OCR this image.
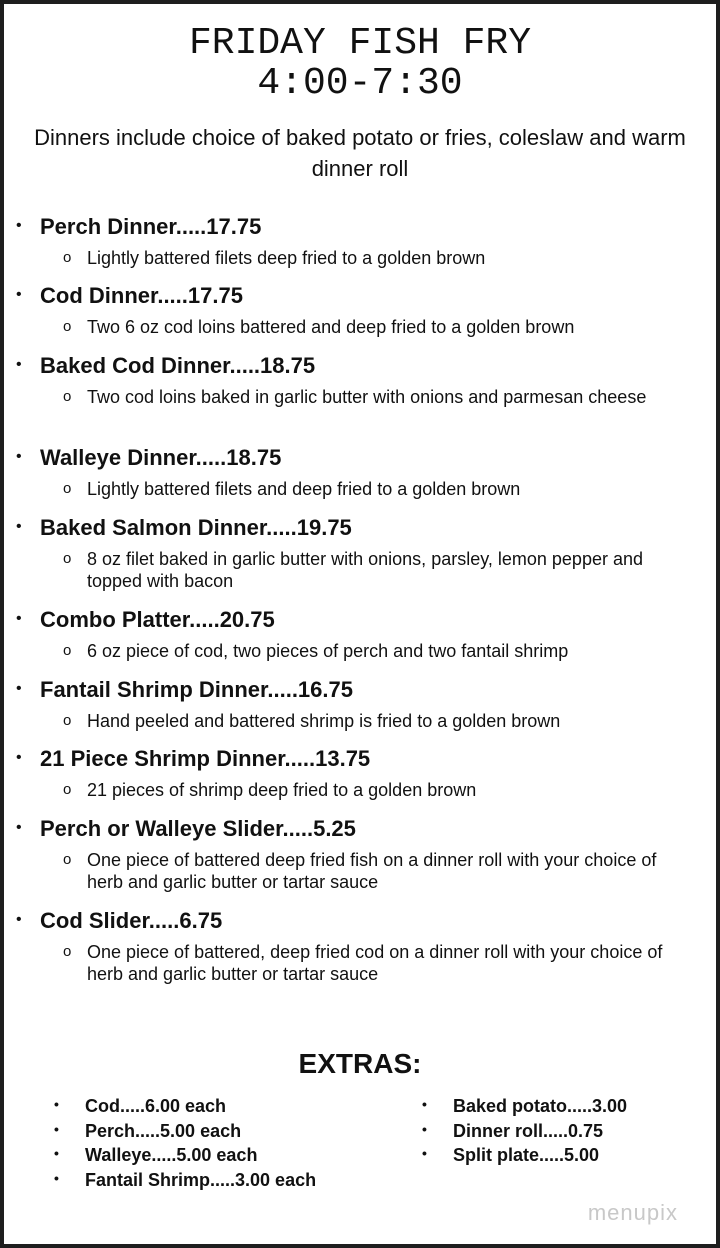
FRIDAY FISH FRY
4:00-7:30
Dinners include choice of baked potato or fries, coleslaw and warm dinner roll
• Perch Dinner.....17.75
o Lightly battered filets deep fried to a golden brown
• Cod Dinner.....17.75
o Two 6 oz cod loins battered and deep fried to a golden brown
• Baked Cod Dinner.....18.75
o Two cod loins baked in garlic butter with onions and parmesan cheese
• Walleye Dinner.....18.75
o Lightly battered filets and deep fried to a golden brown
• Baked Salmon Dinner.....19.75
o 8 oz filet baked in garlic butter with onions, parsley, lemon pepper and topped with bacon
• Combo Platter.....20.75
o 6 oz piece of cod, two pieces of perch and two fantail shrimp
• Fantail Shrimp Dinner.....16.75
o Hand peeled and battered shrimp is fried to a golden brown
• 21 Piece Shrimp Dinner.....13.75
o 21 pieces of shrimp deep fried to a golden brown
• Perch or Walleye Slider.....5.25
o One piece of battered deep fried fish on a dinner roll with your choice of herb and garlic butter or tartar sauce
• Cod Slider.....6.75
o One piece of battered, deep fried cod on a dinner roll with your choice of herb and garlic butter or tartar sauce
EXTRAS:
• Cod.....6.00 each
• Perch.....5.00 each
• Walleye.....5.00 each
• Fantail Shrimp.....3.00 each
• Baked potato.....3.00
• Dinner roll.....0.75
• Split plate.....5.00
menupix
